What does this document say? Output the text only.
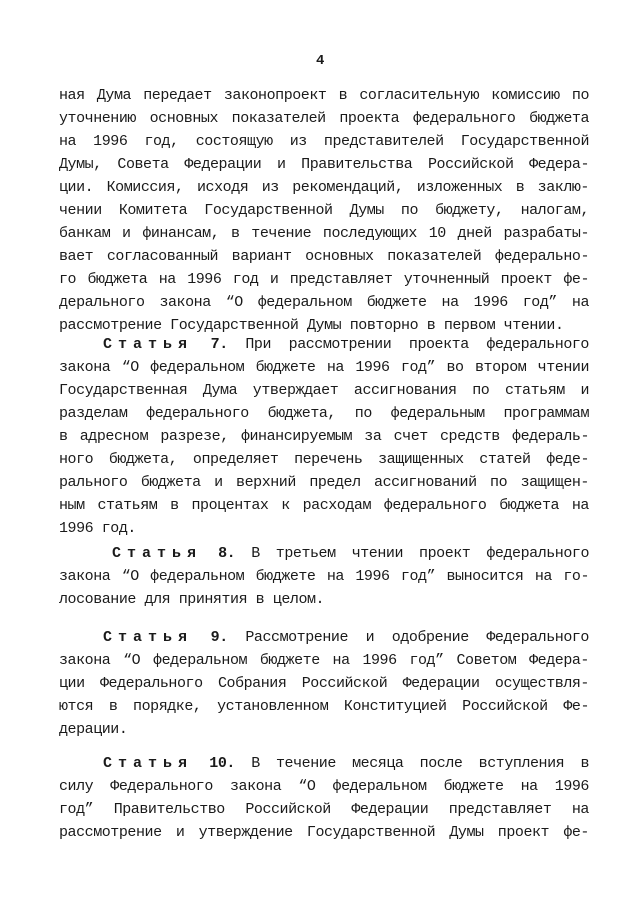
4
ная Дума передает законопроект в согласительную комиссию по
уточнению основных показателей проекта федерального бюджета
на 1996 год, состоящую из представителей Государственной
Думы, Совета Федерации и Правительства Российской Федера-
ции. Комиссия, исходя из рекомендаций, изложенных в заклю-
чении Комитета Государственной Думы по бюджету, налогам,
банкам и финансам, в течение последующих 10 дней разрабаты-
вает согласованный вариант основных показателей федерально-
го бюджета на 1996 год и представляет уточненный проект фе-
дерального закона “О федеральном бюджете на 1996 год” на
рассмотрение Государственной Думы повторно в первом чтении.
Статья 7. При рассмотрении проекта федерального
закона “О федеральном бюджете на 1996 год” во втором чтении
Государственная Дума утверждает ассигнования по статьям и
разделам федерального бюджета, по федеральным программам
в адресном разрезе, финансируемым за счет средств федераль-
ного бюджета, определяет перечень защищенных статей феде-
рального бюджета и верхний предел ассигнований по защищен-
ным статьям в процентах к расходам федерального бюджета на
1996 год.
Статья 8. В третьем чтении проект федерального
закона “О федеральном бюджете на 1996 год” выносится на го-
лосование для принятия в целом.
Статья 9. Рассмотрение и одобрение Федерального
закона “О федеральном бюджете на 1996 год” Советом Федера-
ции Федерального Собрания Российской Федерации осуществля-
ются в порядке, установленном Конституцией Российской Фе-
дерации.
Статья 10. В течение месяца после вступления в
силу Федерального закона “О федеральном бюджете на 1996
год” Правительство Российской Федерации представляет на
рассмотрение и утверждение Государственной Думы проект фе-
